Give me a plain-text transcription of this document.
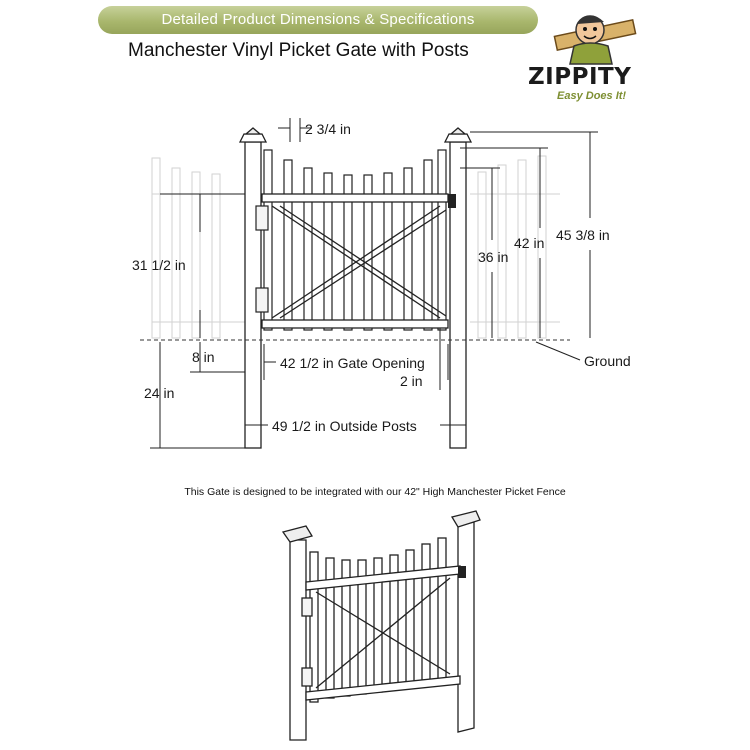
Detailed Product Dimensions & Specifications
Manchester Vinyl Picket Gate with Posts
ZIPPITY
Easy Does It!
2 3/4 in
31 1/2 in	36 in
42 in 45 3/8 in
8 in	42 1/2 in Gate Opening
2 in
24 in
49 1/2 in Outside Posts
Ground
This Gate is designed to be integrated with our 42" High Manchester Picket Fence
